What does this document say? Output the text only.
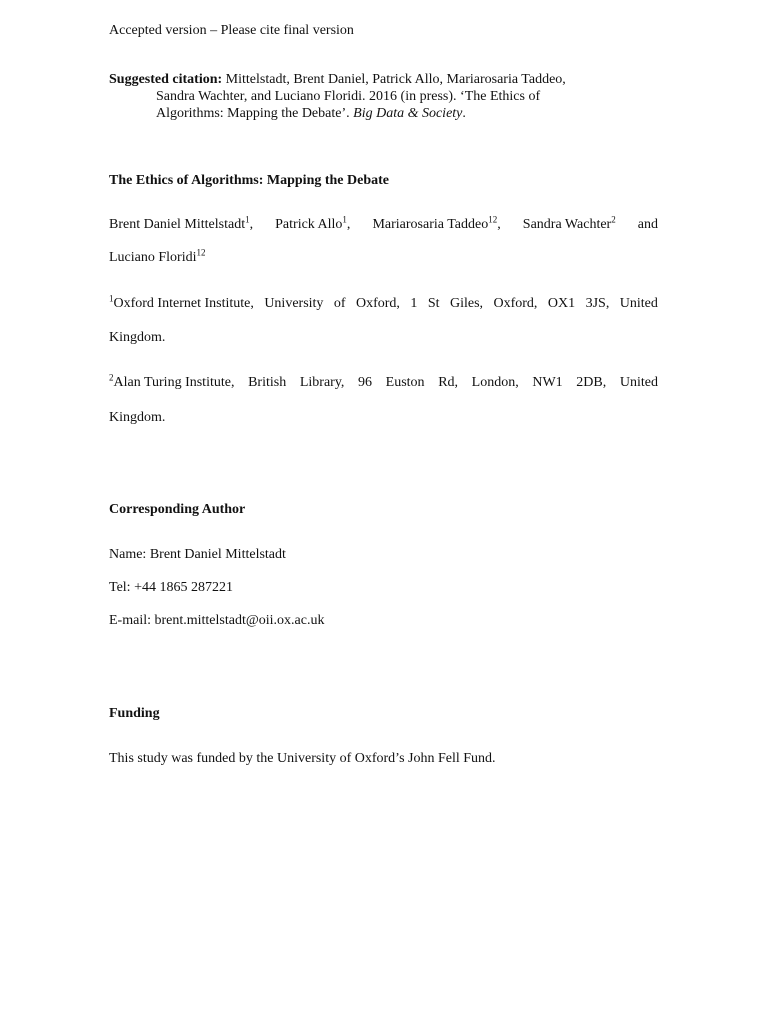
Accepted version – Please cite final version
Suggested citation: Mittelstadt, Brent Daniel, Patrick Allo, Mariarosaria Taddeo,
Sandra Wachter, and Luciano Floridi. 2016 (in press). ‘The Ethics of
Algorithms: Mapping the Debate’. Big Data & Society.
The Ethics of Algorithms: Mapping the Debate
Brent Daniel Mittelstadt$^1$, Patrick Allo$^1$, Mariarosaria Taddeo$^{12}$, Sandra Wachter$^2$ and
Luciano Floridi$^{12}$
$^1$Oxford Internet Institute, University of Oxford, 1 St Giles, Oxford, OX1 3JS, United
Kingdom.
$^2$Alan Turing Institute, British Library, 96 Euston Rd, London, NW1 2DB, United
Kingdom.
Corresponding Author
Name: Brent Daniel Mittelstadt
Tel: +44 1865 287221
E-mail: brent.mittelstadt@oii.ox.ac.uk
Funding
This study was funded by the University of Oxford’s John Fell Fund.
